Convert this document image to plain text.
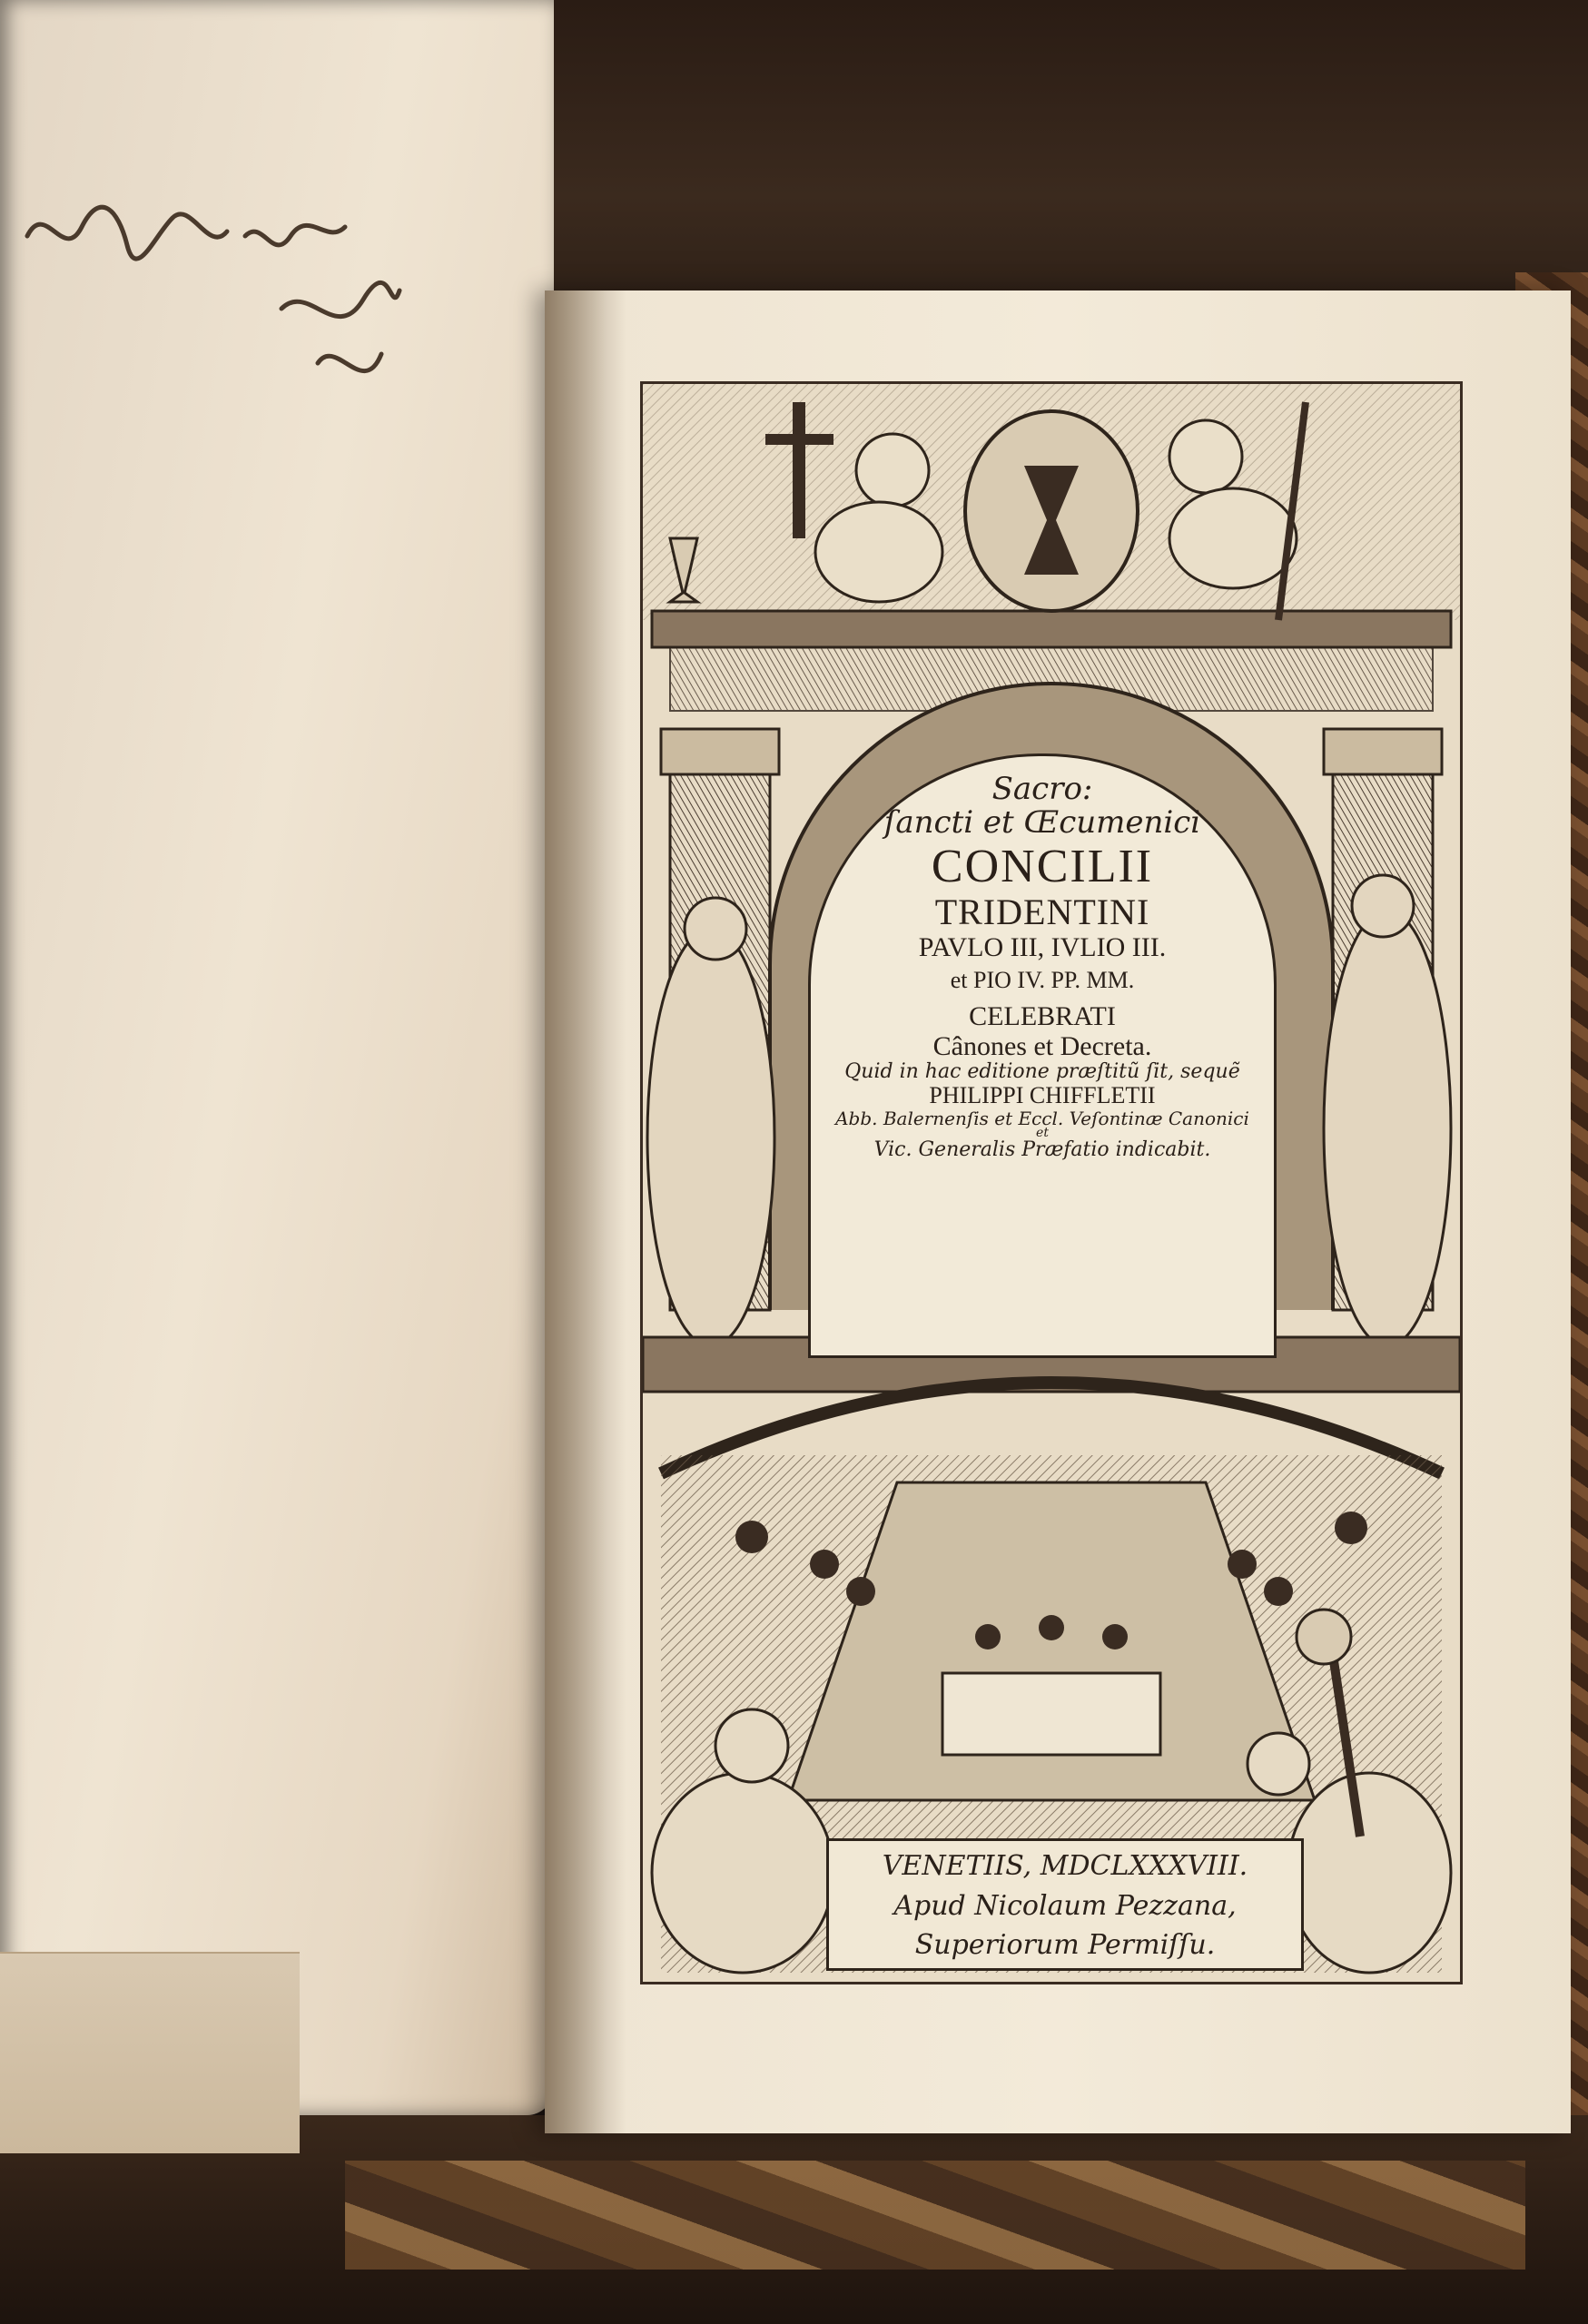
Sacro:
ſancti et Œcumenici
CONCILII
TRIDENTINI
PAVLO III, IVLIO III.
et PIO IV. PP. MM.
CELEBRATI
Cânones et Decreta.
Quid in hac editione præſtitũ ſit, sequẽ
PHILIPPI CHIFFLETII
Abb. Balernenſis et Eccl. Veſontinæ Canonici
et
Vic. Generalis Præfatio indicabit.
VENETIIS, MDCLXXXVIII.
Apud Nicolaum Pezzana,
Superiorum Permiſſu.
